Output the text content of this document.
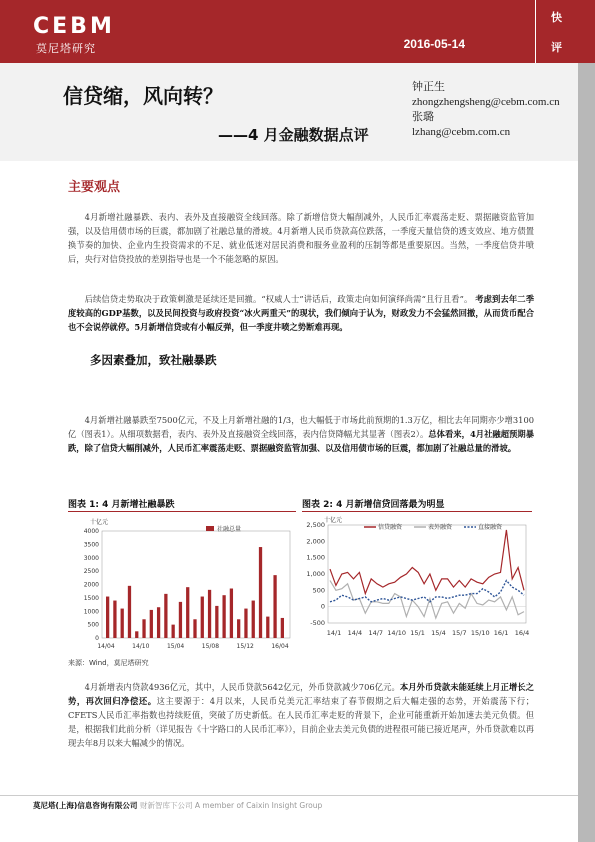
CEBM
莫尼塔研究	2016-05-14
快
评
信贷缩，风向转？
——4 月金融数据点评
钟正生
zhongzhengsheng@cebm.com.cn
张璐
lzhang@cebm.com.cn
主要观点
4月新增社融暴跌、表内、表外及直接融资全线回落。除了新增信贷大幅削减外，人民币汇率震荡走贬、票据融资监管加强，以及信用债市场的巨震，都加剧了社融总量的滑坡。4月新增人民币贷款高位跌落，一季度天量信贷的透支效应、地方债置换节奏的加快、企业内生投资需求的不足、就业低迷对居民消费和服务业盈利的压制等都是重要原因。当然，一季度信贷井喷后，央行对信贷投放的差别指导也是一个不能忽略的原因。
后续信贷走势取决于政策刺激是延续还是回撤。“权威人士”讲话后，政策走向如何演绎尚需“且行且看”。 考虑到去年二季度较高的GDP基数，以及民间投资与政府投资“冰火两重天”的现状，我们倾向于认为，财政发力不会猛然回撤，从而货币配合也不会说停就停。5月新增信贷或有小幅反弹，但一季度井喷之势断难再现。
多因素叠加，致社融暴跌
4月新增社融暴跌至7500亿元，不及上月新增社融的1/3，也大幅低于市场此前预期的1.3万亿，相比去年同期亦少增3100亿（图表1）。从细项数据看，表内、表外及直接融资全线回落，表内信贷降幅尤其显著（图表2）。总体看来，4月社融超预期暴跌，除了信贷大幅削减外，人民币汇率震荡走贬、票据融资监管加强、以及信用债市场的巨震，都加剧了社融总量的滑坡。
图表 1: 4 月新增社融暴跌	图表 2: 4 月新增信贷回落最为明显
十亿元
0
500
1000
1500
2000
2500
3000
3500
4000
14/04	14/10	15/04	15/08	15/12	16/04
社融总量
十亿元
-500
0
500
1,000
1,500
2,000
2,500
14/1 14/4 14/7 14/10 15/1 15/4 15/7 15/10 16/1 16/4
信贷融资	表外融资	直接融资
来源：Wind，莫尼塔研究
4月新增表内贷款4936亿元，其中，人民币贷款5642亿元，外币贷款减少706亿元。本月外币贷款未能延续上月正增长之势，再次回归净偿还。这主要源于：4月以来，人民币兑美元汇率结束了春节假期之后大幅走强的态势，开始震荡下行；CFETS人民币汇率指数也持续贬值，突破了历史新低。在人民币汇率走贬的背景下，企业可能重新开始加速去美元负债。但是，根据我们此前分析（详见报告《十字路口的人民币汇率》），目前企业去美元负债的进程很可能已接近尾声，外币贷款难以再现去年8月以来大幅减少的情况。
莫尼塔(上海)信息咨询有限公司 财新智库下公司 A member of Caixin Insight Group
